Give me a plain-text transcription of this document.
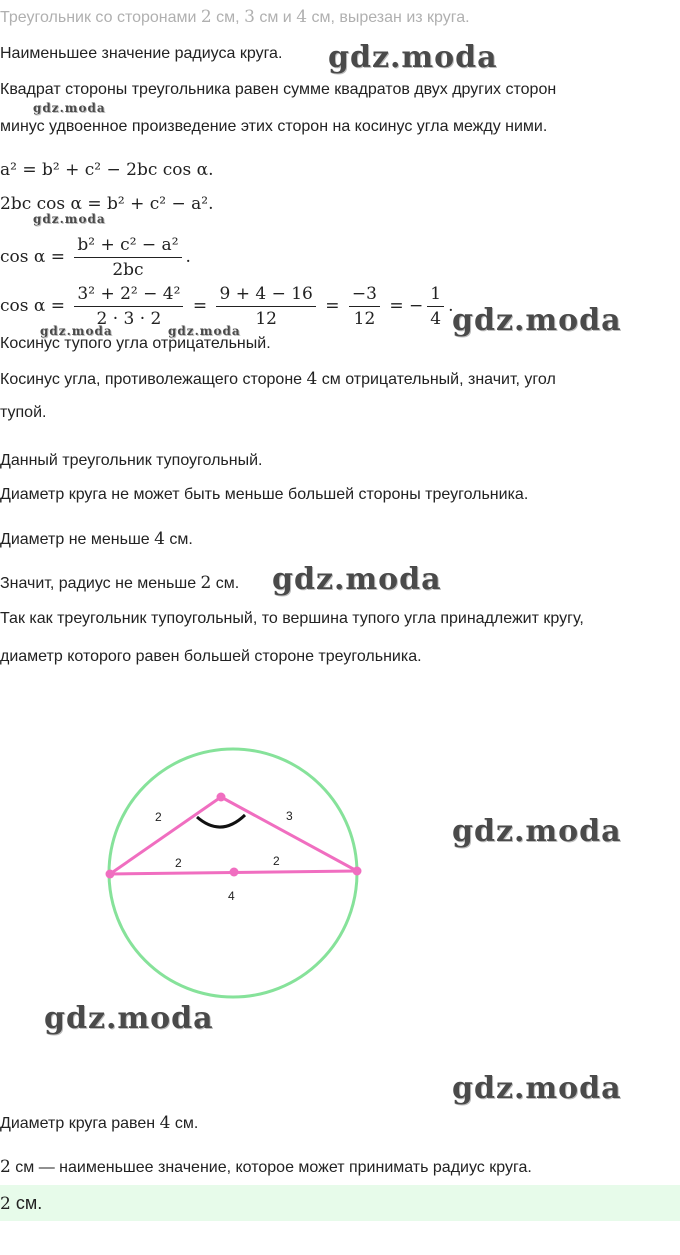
Треугольник со сторонами 2 см, 3 см и 4 см, вырезан из круга.
Наименьшее значение радиуса круга. gdz.moda
Квадрат стороны треугольника равен сумме квадратов двух других сторон
gdz.moda
минус удвоенное произведение этих сторон на косинус угла между ними.
a² = b² + c² − 2bc cos α.
2bc cos α = b² + c² − a².
gdz.moda
$\cos \alpha = \frac{\text{b² + c² − a²}}{2bc}$ .
$\cos \alpha = \frac{\text{3² + 2² − 4²}}{2 \cdot 3 \cdot 2} = \frac{9 + 4 - 16}{12} = \frac{-3}{12}$ = − $\frac{1}{4}$ .
gdz.moda
gdz.moda	gdz.moda
Косинус тупого угла отрицательный.
Косинус угла, противолежащего стороне 4 см отрицательный, значит, угол
тупой.
Данный треугольник тупоугольный.
Диаметр круга не может быть меньше большей стороны треугольника.
Диаметр не меньше 4 см.
Значит, радиус не меньше 2 см. gdz.moda
Так как треугольник тупоугольный, то вершина тупого угла принадлежит кругу,
диаметр которого равен большей стороне треугольника.
2	3
2	2
4
gdz.moda
gdz.moda
gdz.moda
Диаметр круга равен 4 см.
2 см — наименьшее значение, которое может принимать радиус круга.
2 см.
